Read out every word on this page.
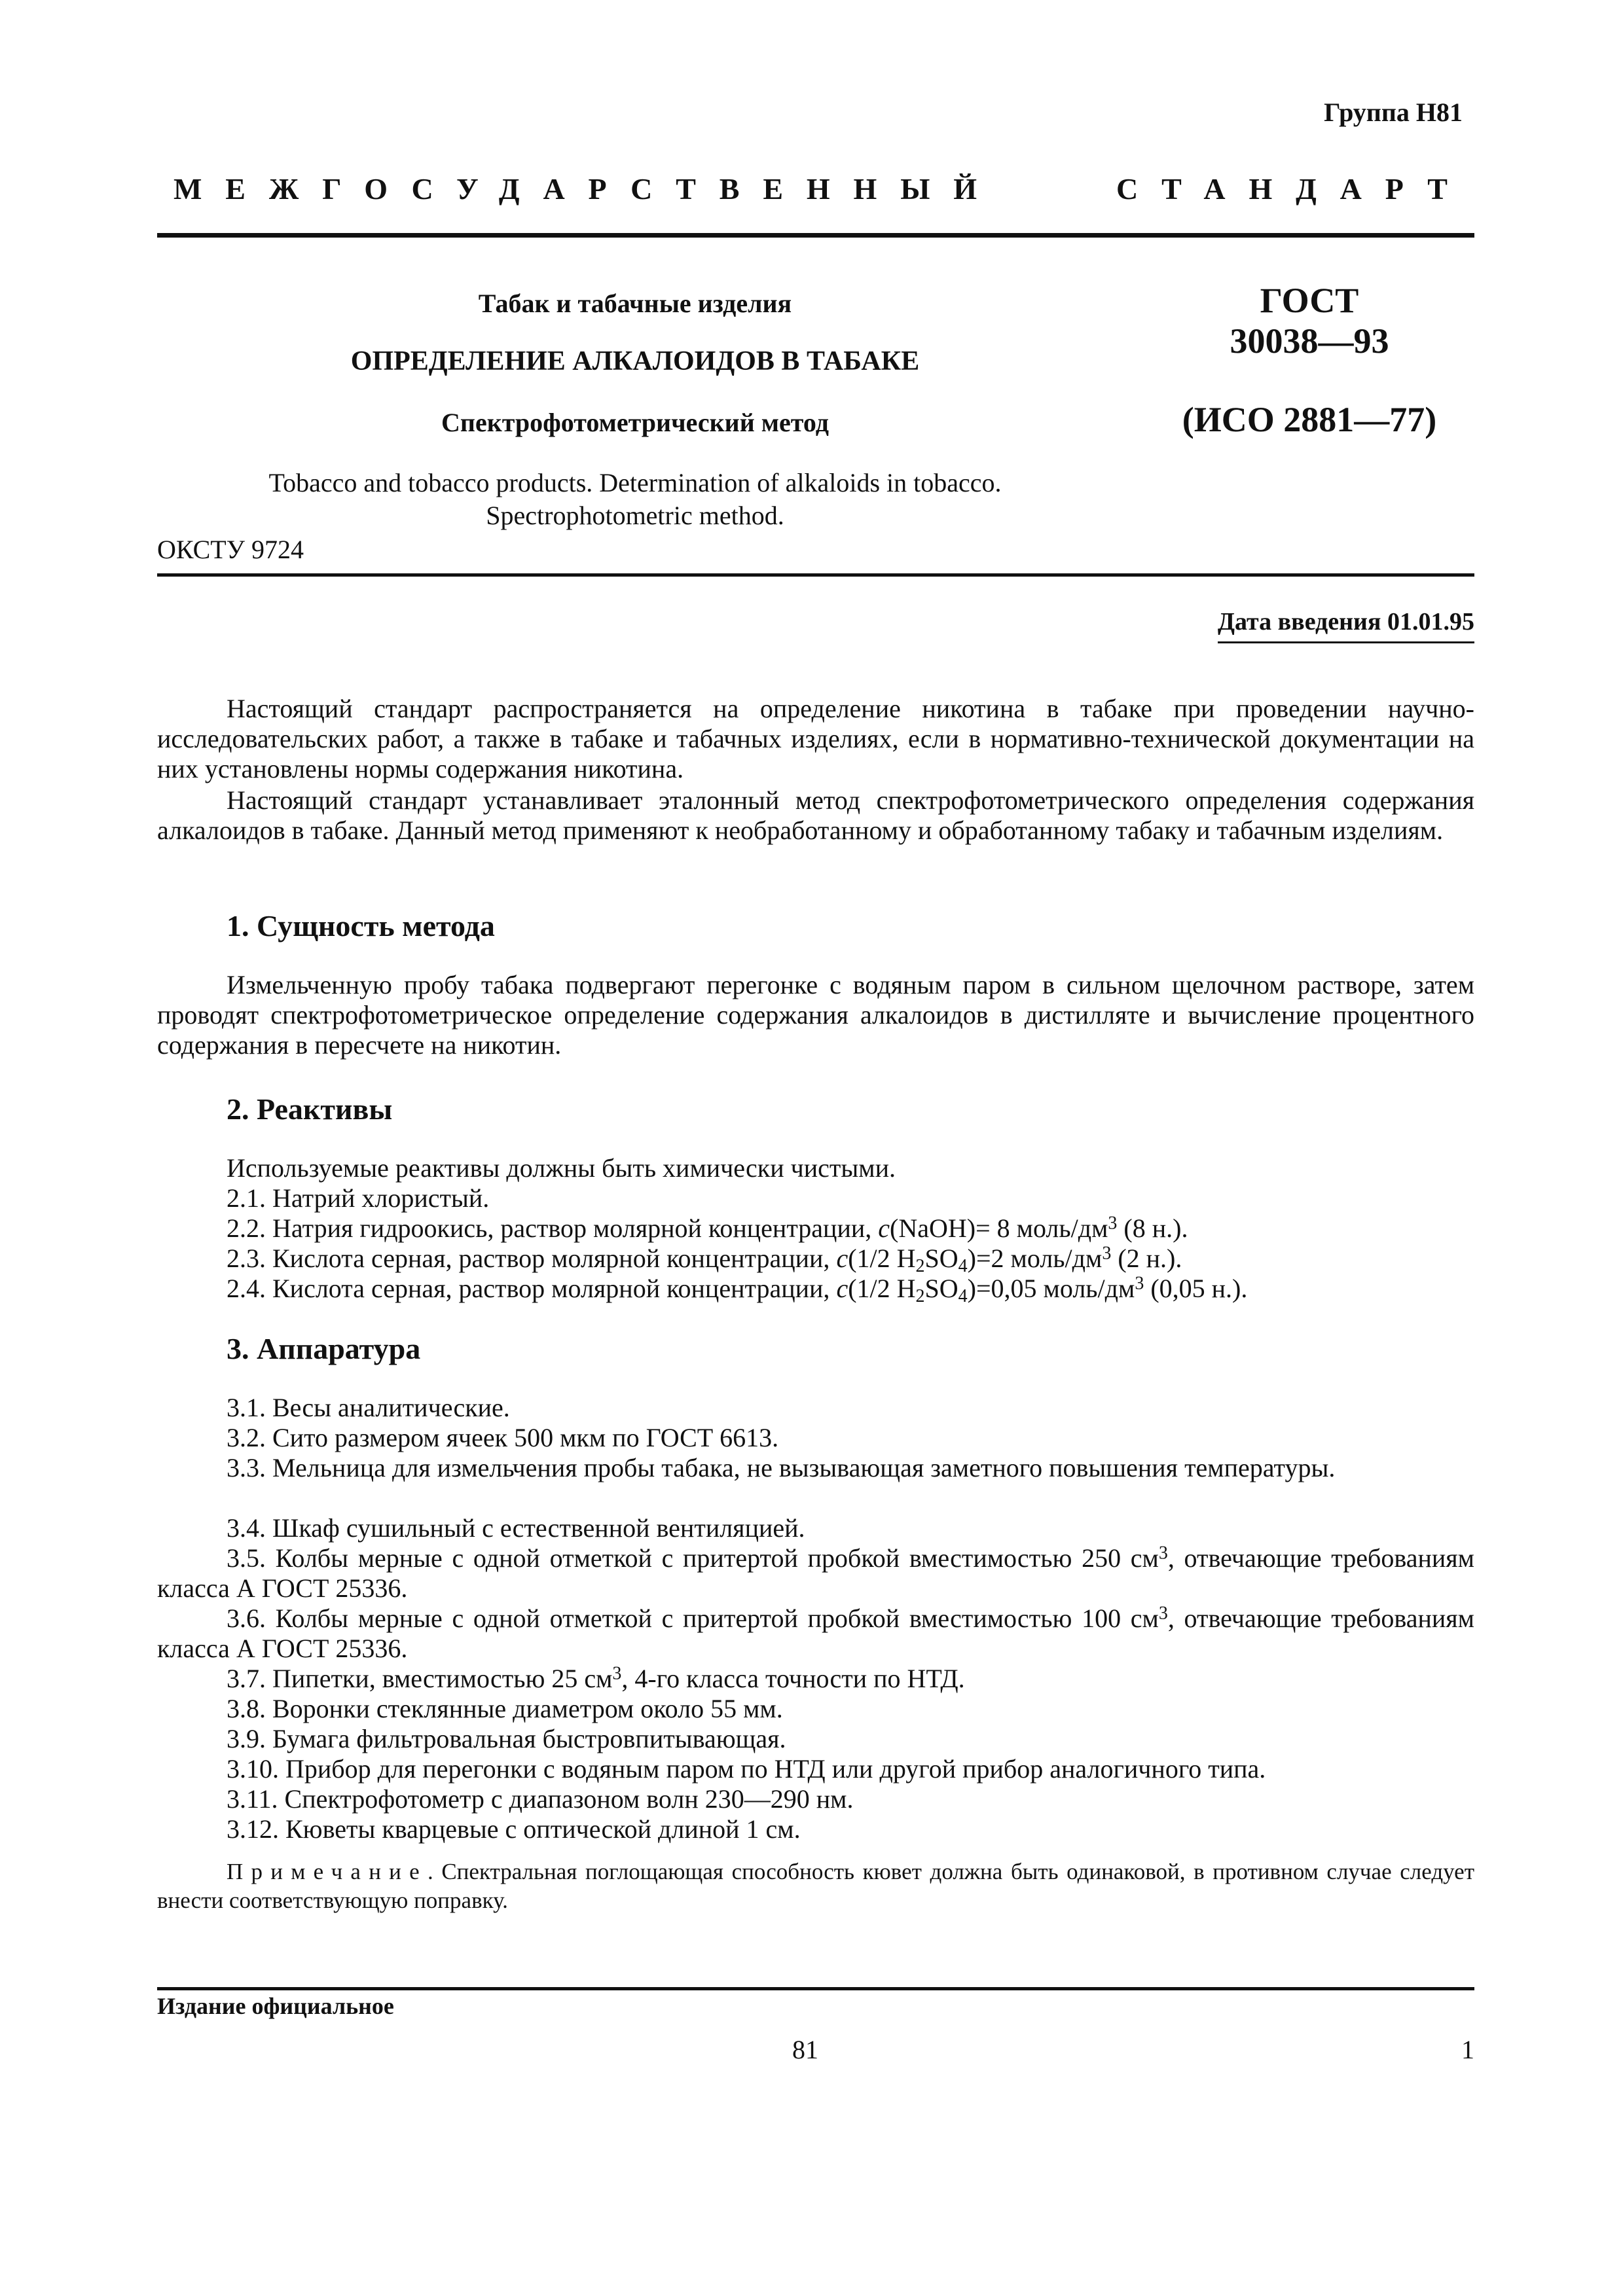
Группа Н81
МЕЖГОСУДАРСТВЕННЫЙ	СТАНДАРТ
Табак и табачные изделия
ОПРЕДЕЛЕНИЕ АЛКАЛОИДОВ В ТАБАКЕ
Спектрофотометрический метод
Tobacco and tobacco products. Determination of alkaloids in tobacco.
Spectrophotometric method.
ОКСТУ 9724
ГОСТ
30038—93
(ИСО 2881—77)
Дата введения 01.01.95
Настоящий стандарт распространяется на определение никотина в табаке при проведении научно-исследовательских работ, а также в табаке и табачных изделиях, если в нормативно-технической документации на них установлены нормы содержания никотина.
Настоящий стандарт устанавливает эталонный метод спектрофотометрического определения содержания алкалоидов в табаке. Данный метод применяют к необработанному и обработанному табаку и табачным изделиям.
1. Сущность метода
Измельченную пробу табака подвергают перегонке с водяным паром в сильном щелочном растворе, затем проводят спектрофотометрическое определение содержания алкалоидов в дистилляте и вычисление процентного содержания в пересчете на никотин.
2. Реактивы
Используемые реактивы должны быть химически чистыми.
2.1. Натрий хлористый.
2.2. Натрия гидроокись, раствор молярной концентрации, с(NaOH)= 8 моль/$дм^3$ (8 н.).
2.3. Кислота серная, раствор молярной концентрации, с(1/2 $H_2SO_4)=2$ моль/$дм^3$ (2 н.).
2.4. Кислота серная, раствор молярной концентрации, с(1/2 $H_2SO_4)=0,05$ моль/$дм^3$ (0,05 н.).
3. Аппаратура
3.1. Весы аналитические.
3.2. Сито размером ячеек 500 мкм по ГОСТ 6613.
3.3. Мельница для измельчения пробы табака, не вызывающая заметного повышения температуры.
3.4. Шкаф сушильный с естественной вентиляцией.
3.5. Колбы мерные с одной отметкой с притертой пробкой вместимостью 250 $см^3$, отвечающие требованиям класса А ГОСТ 25336.
3.6. Колбы мерные с одной отметкой с притертой пробкой вместимостью 100 $см^3$, отвечающие требованиям класса А ГОСТ 25336.
3.7. Пипетки, вместимостью 25 $см^3$, 4-го класса точности по НТД.
3.8. Воронки стеклянные диаметром около 55 мм.
3.9. Бумага фильтровальная быстровпитывающая.
3.10. Прибор для перегонки с водяным паром по НТД или другой прибор аналогичного типа.
3.11. Спектрофотометр с диапазоном волн 230—290 нм.
3.12. Кюветы кварцевые с оптической длиной 1 см.
Примечание. Спектральная поглощающая способность кювет должна быть одинаковой, в противном случае следует внести соответствующую поправку.
Издание официальное
81	1
